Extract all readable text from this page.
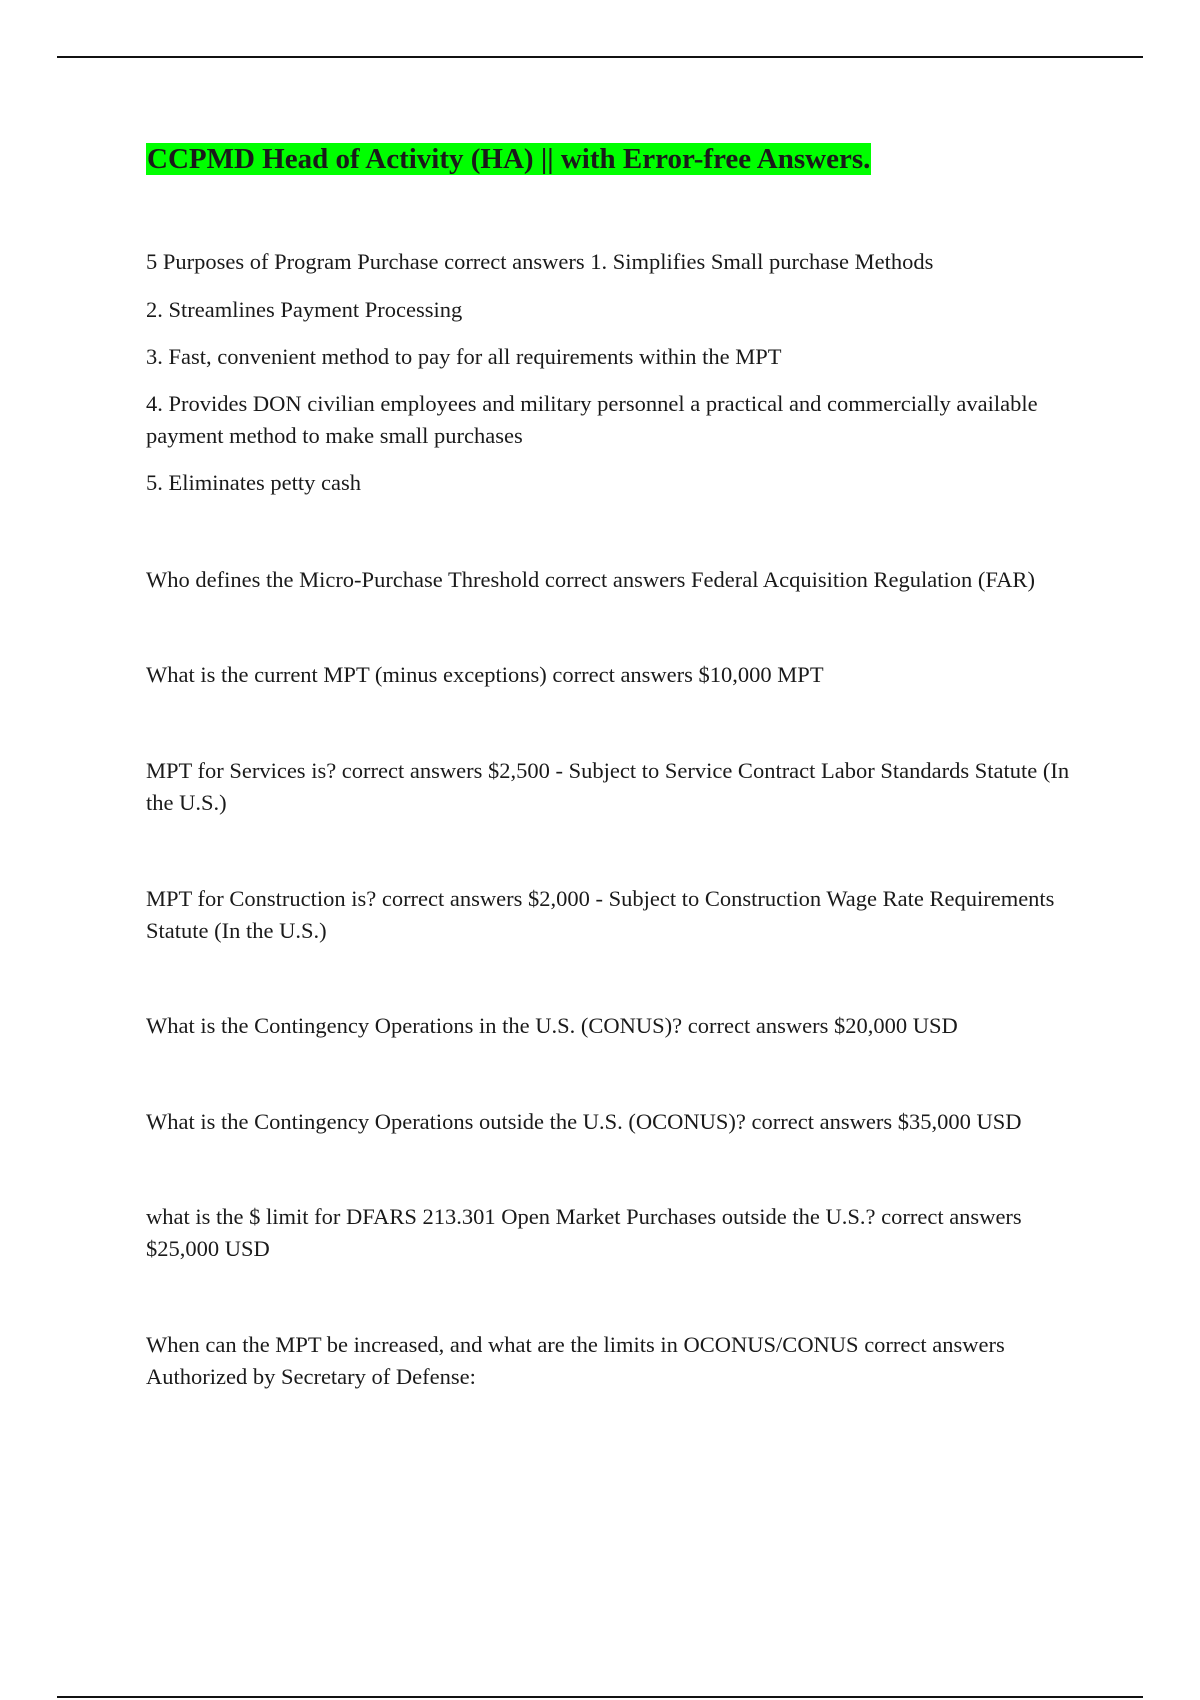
CCPMD Head of Activity (HA) || with Error-free Answers.

5 Purposes of Program Purchase correct answers 1. Simplifies Small purchase Methods

2. Streamlines Payment Processing

3. Fast, convenient method to pay for all requirements within the MPT

4. Provides DON civilian employees and military personnel a practical and commercially available payment method to make small purchases

5. Eliminates petty cash

Who defines the Micro-Purchase Threshold correct answers Federal Acquisition Regulation (FAR)

What is the current MPT (minus exceptions) correct answers $10,000 MPT

MPT for Services is? correct answers $2,500 - Subject to Service Contract Labor Standards Statute (In the U.S.)

MPT for Construction is? correct answers $2,000 - Subject to Construction Wage Rate Requirements Statute (In the U.S.)

What is the Contingency Operations in the U.S. (CONUS)? correct answers $20,000 USD

What is the Contingency Operations outside the U.S. (OCONUS)? correct answers $35,000 USD

what is the $ limit for DFARS 213.301 Open Market Purchases outside the U.S.? correct answers $25,000 USD

When can the MPT be increased, and what are the limits in OCONUS/CONUS correct answers Authorized by Secretary of Defense:
